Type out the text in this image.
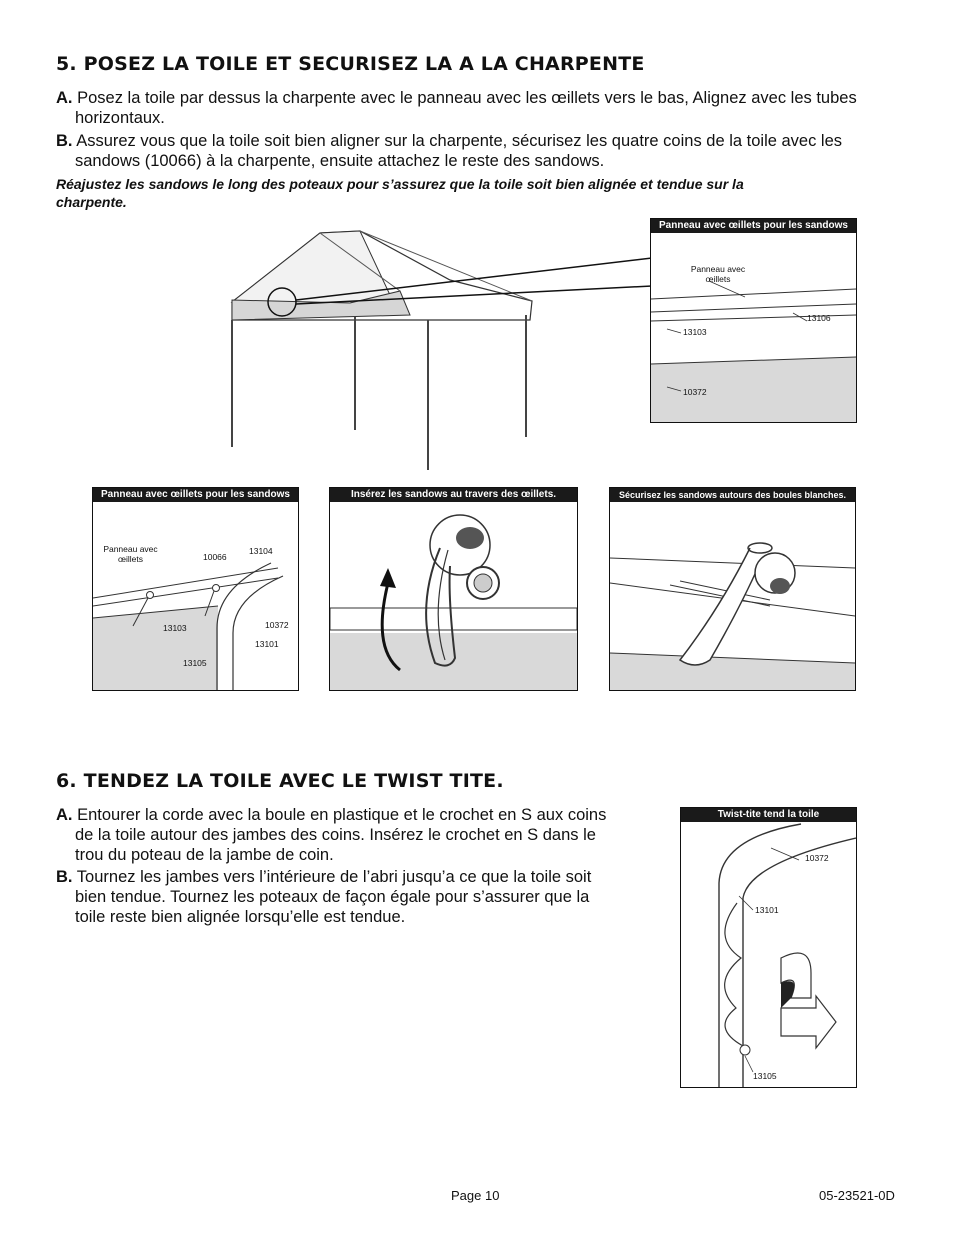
5. POSEZ LA TOILE ET SECURISEZ LA A LA CHARPENTE

A. Posez la toile par dessus la charpente avec le panneau avec les œillets vers le bas, Alignez avec les tubes
horizontaux.

B. Assurez vous que la toile soit bien aligner sur la charpente, sécurisez les quatre coins de la toile avec les
sandows (10066) à la charpente, ensuite attachez le reste des sandows.

Réajustez les sandows le long des poteaux pour s’assurez que la toile soit bien alignée et tendue sur la
charpente.

Panneau avec œillets pour les sandows
Panneau avec
œillets
13103
13106
10372
Panneau avec œillets pour les sandows
Panneau avec
œillets	10066
13104
13103	10372
13101
13105
Insérez les sandows au travers des œillets.	Sécurisez les sandows autours des boules blanches.
6. TENDEZ LA TOILE AVEC LE TWIST TITE.

A. Entourer la corde avec la boule en plastique et le crochet en S aux coins
de la toile autour des jambes des coins. Insérez le crochet en S dans le
trou du poteau de la jambe de coin.

B. Tournez les jambes vers l’intérieure de l’abri jusqu’a ce que la toile soit
bien tendue. Tournez les poteaux de façon égale pour s’assurer que la
toile reste bien alignée lorsqu’elle est tendue.

Twist-tite tend la toile
10372
13101
13105
Page 10	05-23521-0D
